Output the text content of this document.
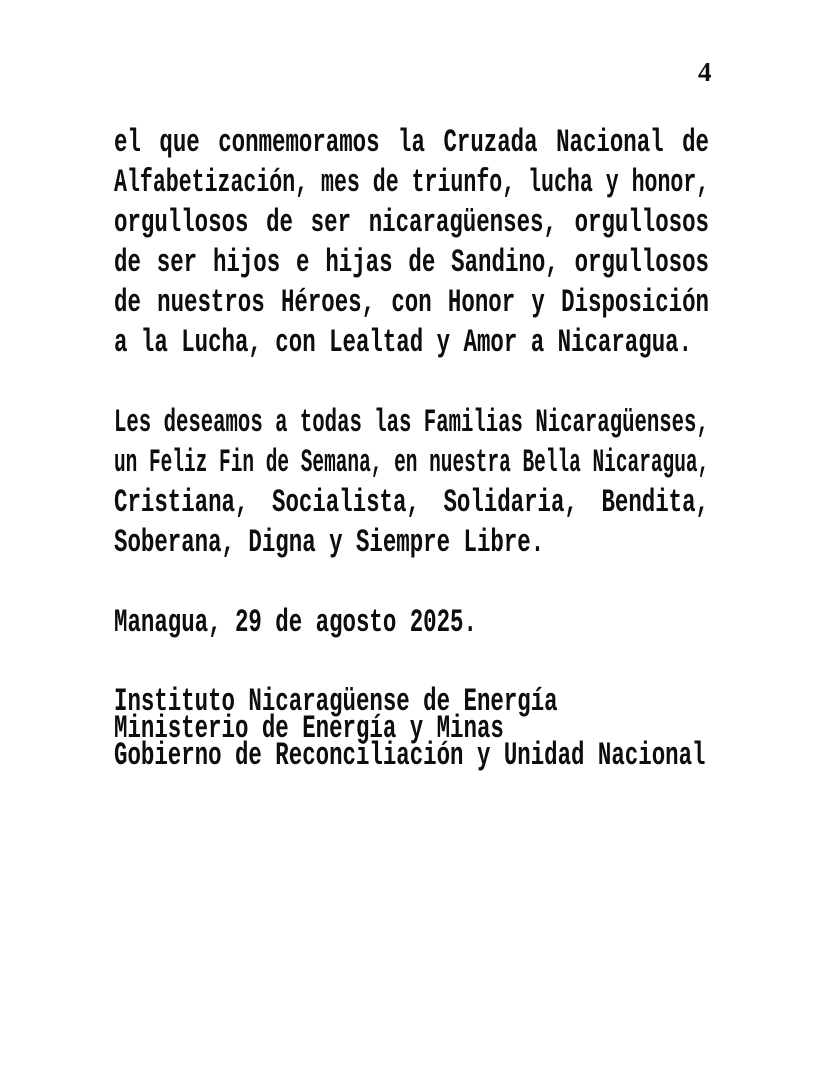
4
el que conmemoramos la Cruzada Nacional de
Alfabetización, mes de triunfo, lucha y honor,
orgullosos de ser nicaragüenses, orgullosos
de ser hijos e hijas de Sandino, orgullosos
de nuestros Héroes, con Honor y Disposición
a la Lucha, con Lealtad y Amor a Nicaragua.
Les deseamos a todas las Familias Nicaragüenses,
un Feliz Fin de Semana, en nuestra Bella Nicaragua,
Cristiana, Socialista, Solidaria, Bendita,
Soberana, Digna y Siempre Libre.
Managua, 29 de agosto 2025.
Instituto Nicaragüense de Energía
Ministerio de Energía y Minas
Gobierno de Reconciliación y Unidad Nacional
